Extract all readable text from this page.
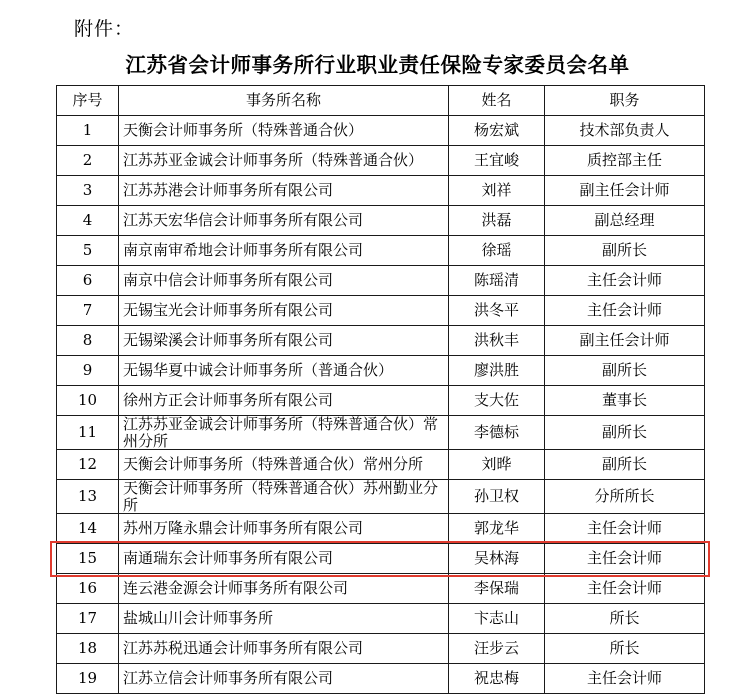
附件：
江苏省会计师事务所行业职业责任保险专家委员会名单
序号	事务所名称	姓名	职务
1	天衡会计师事务所（特殊普通合伙）	杨宏斌	技术部负责人
2	江苏苏亚金诚会计师事务所（特殊普通合伙）	王宜峻	质控部主任
3	江苏苏港会计师事务所有限公司	刘祥	副主任会计师
4	江苏天宏华信会计师事务所有限公司	洪磊	副总经理
5	南京南审希地会计师事务所有限公司	徐瑶	副所长
6	南京中信会计师事务所有限公司	陈瑶清	主任会计师
7	无锡宝光会计师事务所有限公司	洪冬平	主任会计师
8	无锡梁溪会计师事务所有限公司	洪秋丰	副主任会计师
9	无锡华夏中诚会计师事务所（普通合伙）	廖洪胜	副所长
10	徐州方正会计师事务所有限公司	支大佐	董事长
11	江苏苏亚金诚会计师事务所（特殊普通合伙）常州分所	李德标	副所长
12	天衡会计师事务所（特殊普通合伙）常州分所	刘晔	副所长
13	天衡会计师事务所（特殊普通合伙）苏州勤业分所	孙卫权	分所所长
14	苏州万隆永鼎会计师事务所有限公司	郭龙华	主任会计师
15	南通瑞东会计师事务所有限公司	吴林海	主任会计师
16	连云港金源会计师事务所有限公司	李保瑞	主任会计师
17	盐城山川会计师事务所	卞志山	所长
18	江苏苏税迅通会计师事务所有限公司	汪步云	所长
19	江苏立信会计师事务所有限公司	祝忠梅	主任会计师
